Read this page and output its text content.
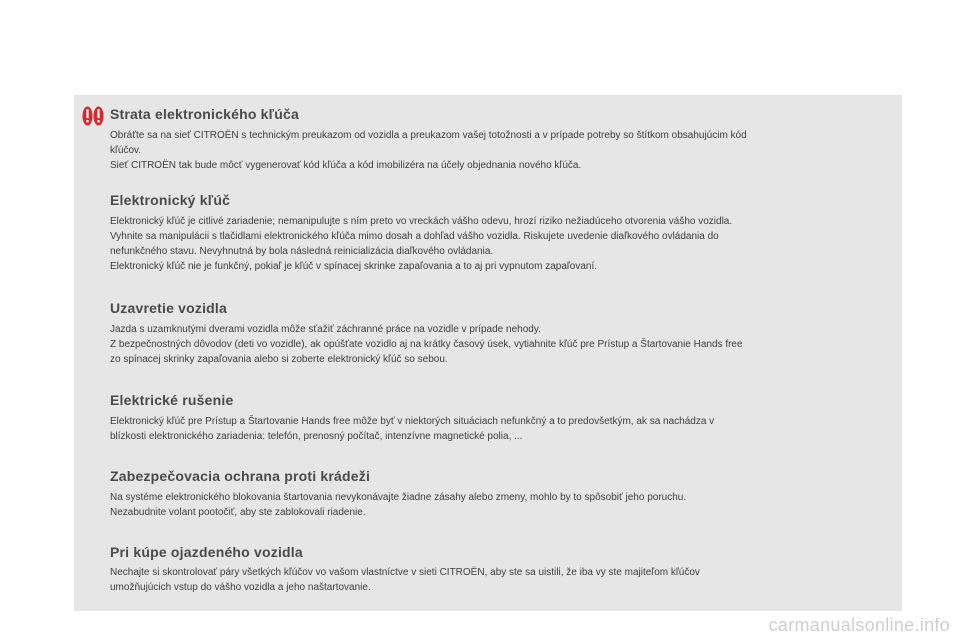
Strata elektronického kľúča

Obráťte sa na sieť CITROËN s technickým preukazom od vozidla a preukazom vašej totožnosti a v prípade potreby so štítkom obsahujúcim kód
kľúčov.
Sieť CITROËN tak bude môcť vygenerovať kód kľúča a kód imobilizéra na účely objednania nového kľúča.

Elektronický kľúč

Elektronický kľúč je citlivé zariadenie; nemanipulujte s ním preto vo vreckách vášho odevu, hrozí riziko nežiadúceho otvorenia vášho vozidla.
Vyhnite sa manipulácii s tlačidlami elektronického kľúča mimo dosah a dohľad vášho vozidla. Riskujete uvedenie diaľkového ovládania do
nefunkčného stavu. Nevyhnutná by bola následná reinicializácia diaľkového ovládania.
Elektronický kľúč nie je funkčný, pokiaľ je kľúč v spínacej skrinke zapaľovania a to aj pri vypnutom zapaľovaní.

Uzavretie vozidla

Jazda s uzamknutými dverami vozidla môže sťažiť záchranné práce na vozidle v prípade nehody.
Z bezpečnostných dôvodov (deti vo vozidle), ak opúšťate vozidlo aj na krátky časový úsek, vytiahnite kľúč pre Prístup a Štartovanie Hands free
zo spínacej skrinky zapaľovania alebo si zoberte elektronický kľúč so sebou.

Elektrické rušenie

Elektronický kľúč pre Prístup a Štartovanie Hands free môže byť v niektorých situáciach nefunkčný a to predovšetkým, ak sa nachádza v
blízkosti elektronického zariadenia: telefón, prenosný počítač, intenzívne magnetické polia, ...

Zabezpečovacia ochrana proti krádeži

Na systéme elektronického blokovania štartovania nevykonávajte žiadne zásahy alebo zmeny, mohlo by to spôsobiť jeho poruchu.
Nezabudnite volant pootočiť, aby ste zablokovali riadenie.

Pri kúpe ojazdeného vozidla

Nechajte si skontrolovať páry všetkých kľúčov vo vašom vlastníctve v sieti CITROËN, aby ste sa uistili, že iba vy ste majiteľom kľúčov
umožňujúcich vstup do vášho vozidla a jeho naštartovanie.

carmanualsonline.info
